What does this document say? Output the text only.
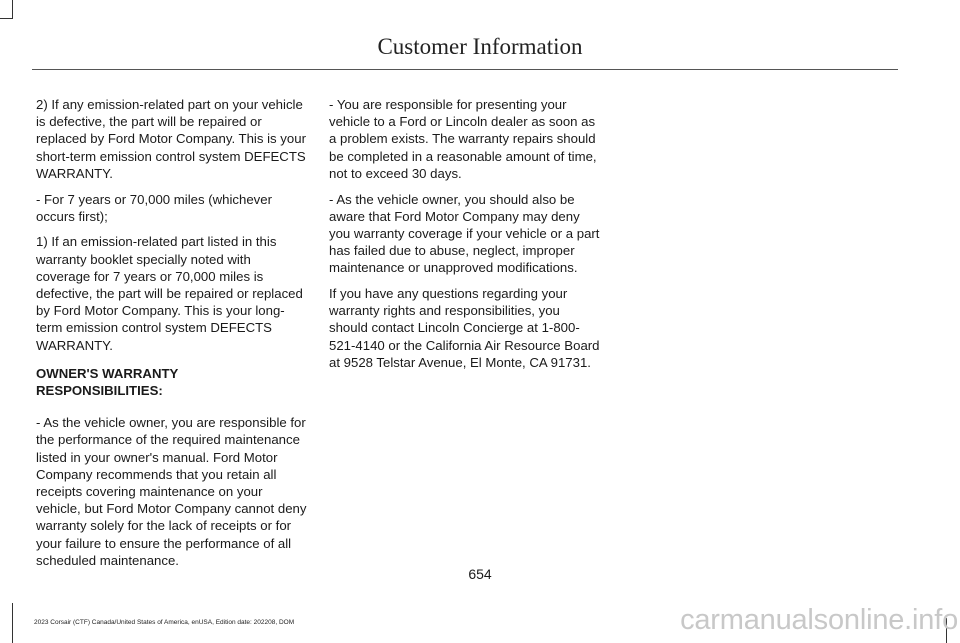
Customer Information

2) If any emission-related part on your vehicle is defective, the part will be repaired or replaced by Ford Motor Company. This is your short-term emission control system DEFECTS WARRANTY.

- For 7 years or 70,000 miles (whichever occurs first);

1) If an emission-related part listed in this warranty booklet specially noted with coverage for 7 years or 70,000 miles is defective, the part will be repaired or replaced by Ford Motor Company. This is your long-term emission control system DEFECTS WARRANTY.

OWNER'S WARRANTY RESPONSIBILITIES:

- As the vehicle owner, you are responsible for the performance of the required maintenance listed in your owner's manual. Ford Motor Company recommends that you retain all receipts covering maintenance on your vehicle, but Ford Motor Company cannot deny warranty solely for the lack of receipts or for your failure to ensure the performance of all scheduled maintenance.

- You are responsible for presenting your vehicle to a Ford or Lincoln dealer as soon as a problem exists. The warranty repairs should be completed in a reasonable amount of time, not to exceed 30 days.

- As the vehicle owner, you should also be aware that Ford Motor Company may deny you warranty coverage if your vehicle or a part has failed due to abuse, neglect, improper maintenance or unapproved modifications.

If you have any questions regarding your warranty rights and responsibilities, you should contact Lincoln Concierge at 1-800-521-4140 or the California Air Resource Board at 9528 Telstar Avenue, El Monte, CA 91731.

654
2023 Corsair (CTF) Canada/United States of America, enUSA, Edition date: 202208, DOM	carmanualsonline.info
